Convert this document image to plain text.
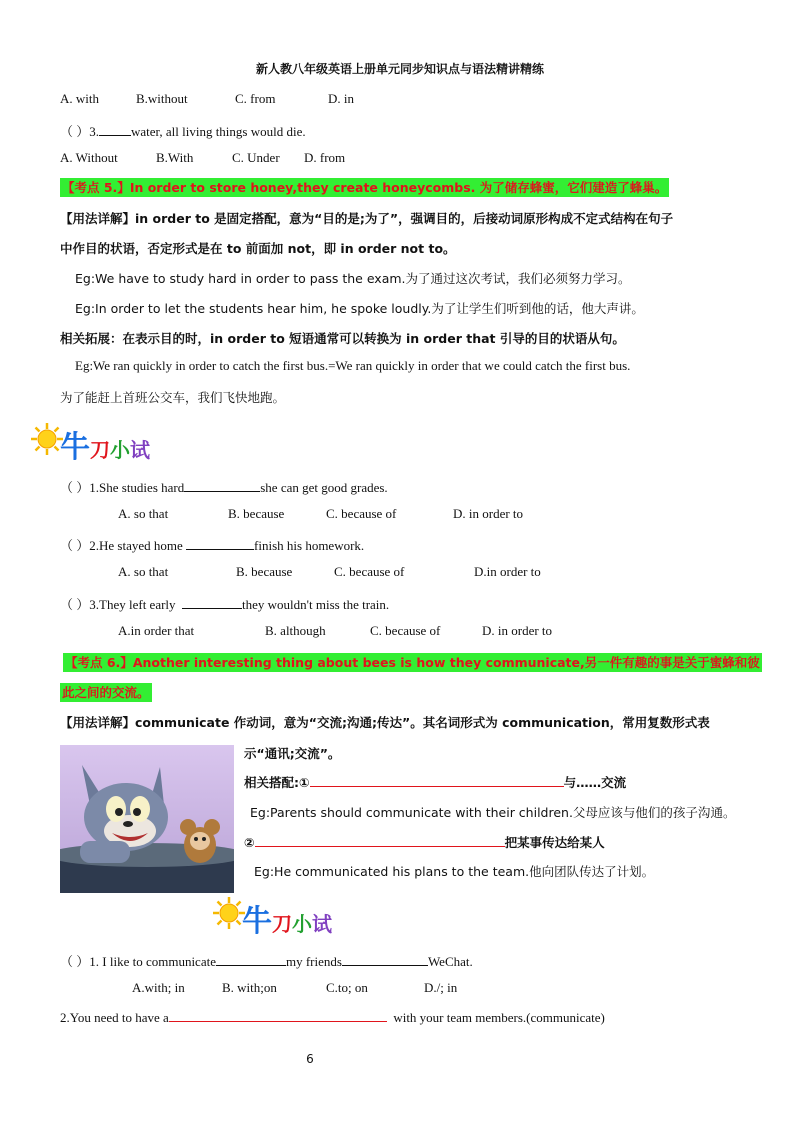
新人教八年级英语上册单元同步知识点与语法精讲精练
A. with	B.without	C. from	D. in
（ ）3. water, all living things would die.
A. Without	B.With	C. Under D. from
【考点 5.】In order to store honey,they create honeycombs. 为了储存蜂蜜，它们建造了蜂巢。
【用法详解】in order to 是固定搭配，意为“目的是;为了”，强调目的，后接动词原形构成不定式结构在句子
中作目的状语，否定形式是在 to 前面加 not，即 in order not to。
Eg:We have to study hard in order to pass the exam.为了通过这次考试，我们必须努力学习。
Eg:In order to let the students hear him, he spoke loudly.为了让学生们听到他的话，他大声讲。
相关拓展：在表示目的时，in order to 短语通常可以转换为 in order that 引导的目的状语从句。
Eg:We ran quickly in order to catch the first bus.=We ran quickly in order that we could catch the first bus.
为了能赶上首班公交车，我们飞快地跑。
牛刀小试
（ ）1.She studies hard	she can get good grades.
A. so that	B. because	C. because of	D. in order to
（ ）2.He stayed home	finish his homework.
A. so that	B. because	C. because of	D.in order to
（ ）3.They left early	they wouldn't miss the train.
A.in order that	B. although	C. because of	D. in order to
【考点 6.】Another interesting thing about bees is how they communicate,另一件有趣的事是关于蜜蜂和彼
此之间的交流。
【用法详解】communicate 作动词，意为“交流;沟通;传达”。其名词形式为 communication，常用复数形式表
示“通讯;交流”。
相关搭配:①	与……交流
Eg:Parents should communicate with their children.父母应该与他们的孩子沟通。
②	把某事传达给某人
Eg:He communicated his plans to the team.他向团队传达了计划。
牛刀小试
（ ）1. I like to communicate	my friends	WeChat.
A.with; in	B. with;on	C.to; on	D./; in
2.You need to have a	with your team members.(communicate)
6
